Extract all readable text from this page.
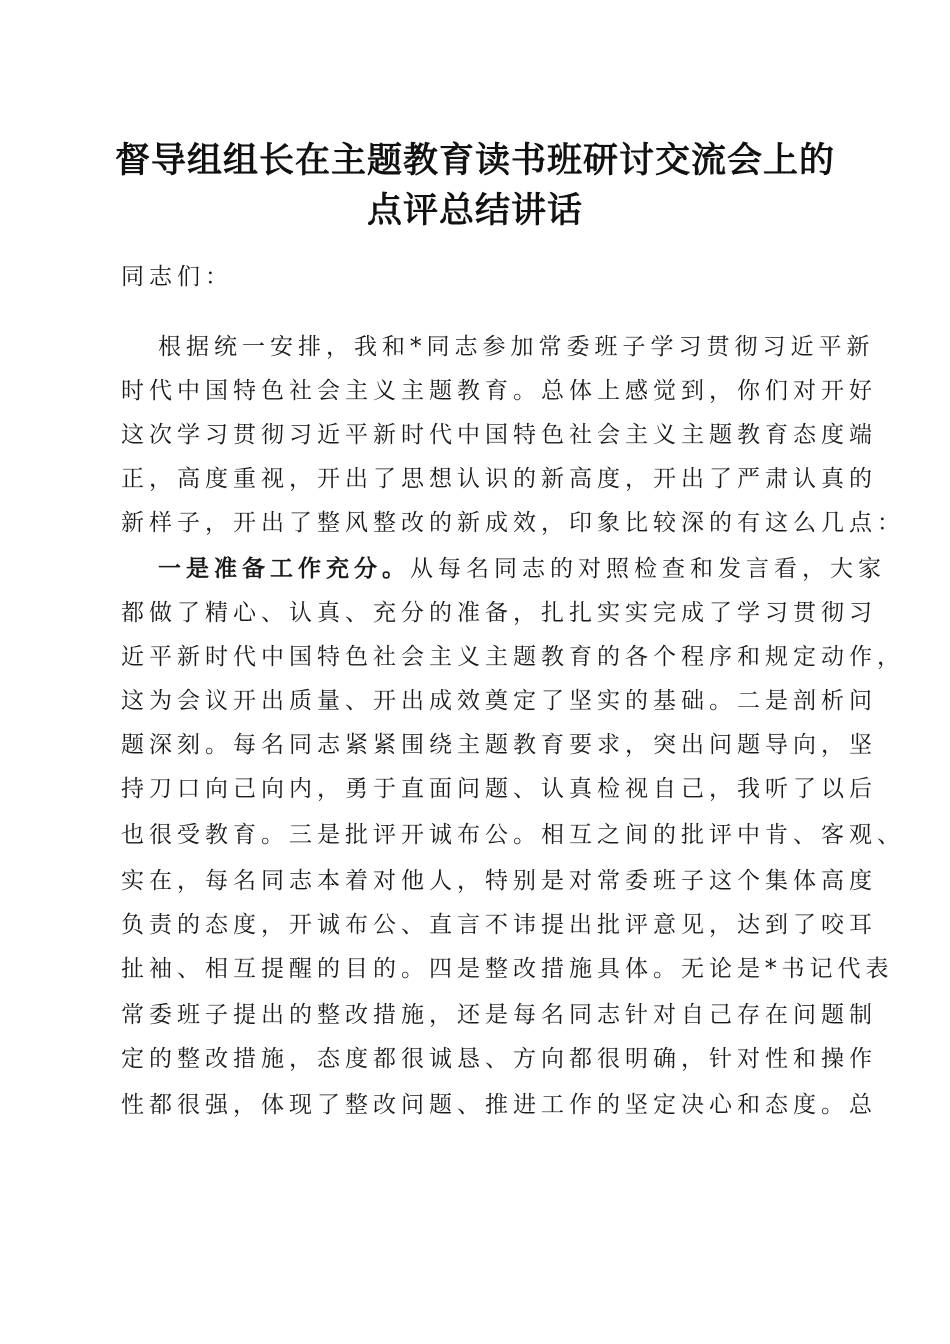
督导组组长在主题教育读书班研讨交流会上的
点评总结讲话
同志们：
根据统一安排，我和*同志参加常委班子学习贯彻习近平新
时代中国特色社会主义主题教育。总体上感觉到，你们对开好
这次学习贯彻习近平新时代中国特色社会主义主题教育态度端
正，高度重视，开出了思想认识的新高度，开出了严肃认真的
新样子，开出了整风整改的新成效，印象比较深的有这么几点：
一是准备工作充分。从每名同志的对照检查和发言看，大家
都做了精心、认真、充分的准备，扎扎实实完成了学习贯彻习
近平新时代中国特色社会主义主题教育的各个程序和规定动作，
这为会议开出质量、开出成效奠定了坚实的基础。二是剖析问
题深刻。每名同志紧紧围绕主题教育要求，突出问题导向，坚
持刀口向己向内，勇于直面问题、认真检视自己，我听了以后
也很受教育。三是批评开诚布公。相互之间的批评中肯、客观、
实在，每名同志本着对他人，特别是对常委班子这个集体高度
负责的态度，开诚布公、直言不讳提出批评意见，达到了咬耳
扯袖、相互提醒的目的。四是整改措施具体。无论是*书记代表
常委班子提出的整改措施，还是每名同志针对自己存在问题制
定的整改措施，态度都很诚恳、方向都很明确，针对性和操作
性都很强，体现了整改问题、推进工作的坚定决心和态度。总
